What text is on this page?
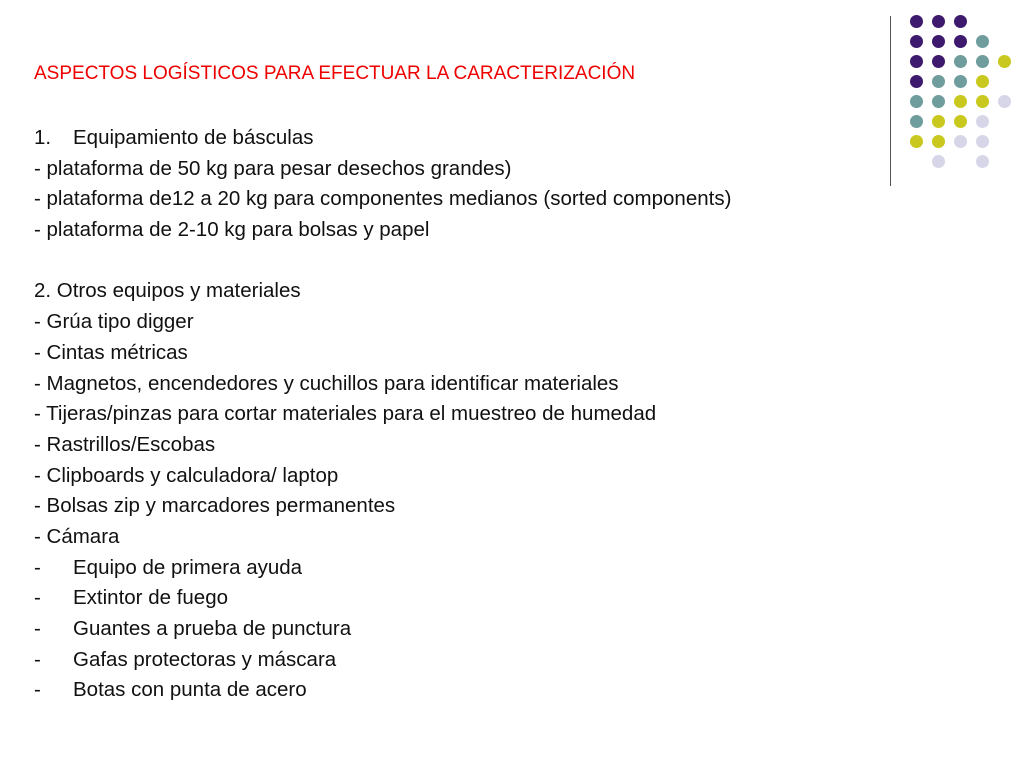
ASPECTOS LOGÍSTICOS PARA EFECTUAR LA CARACTERIZACIÓN
1. Equipamiento de básculas
- plataforma de 50 kg para pesar desechos grandes)
- plataforma de12 a 20 kg para componentes medianos (sorted components)
- plataforma de 2-10 kg para bolsas y papel
2. Otros equipos y materiales
- Grúa tipo digger
- Cintas métricas
- Magnetos, encendedores y cuchillos para identificar materiales
- Tijeras/pinzas para cortar materiales para el muestreo de humedad
- Rastrillos/Escobas
- Clipboards y calculadora/ laptop
- Bolsas zip y marcadores permanentes
- Cámara
- Equipo de primera ayuda
- Extintor de fuego
- Guantes a prueba de punctura
- Gafas protectoras y máscara
- Botas con punta de acero
